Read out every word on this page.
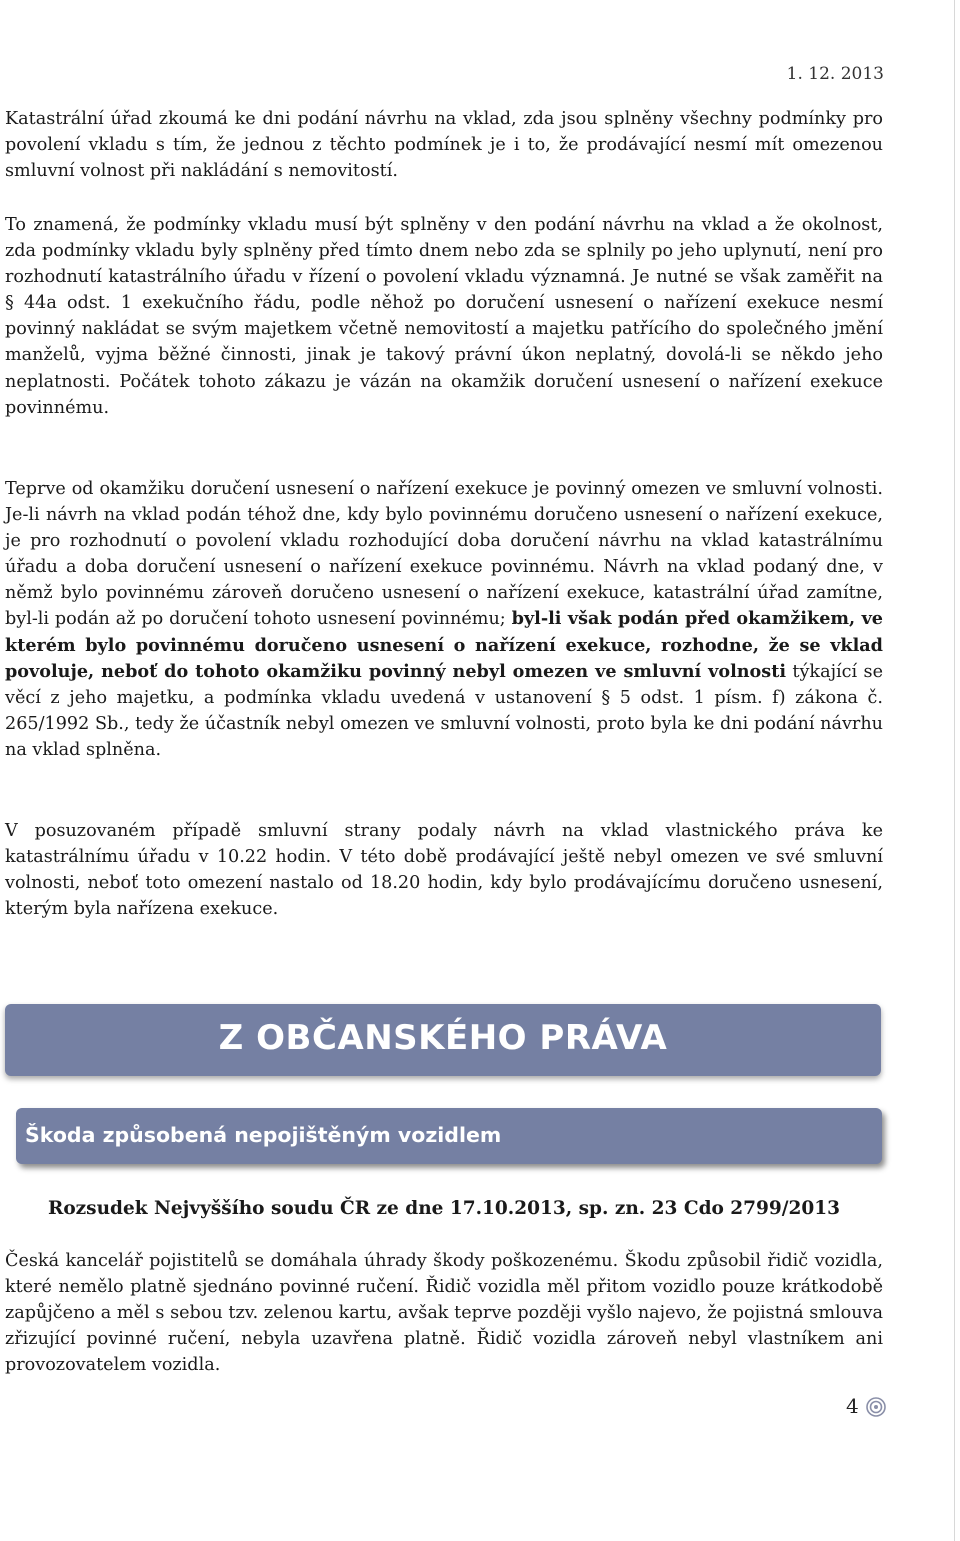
1. 12. 2013

Katastrální úřad zkoumá ke dni podání návrhu na vklad, zda jsou splněny všechny podmínky pro povolení vkladu s tím, že jednou z těchto podmínek je i to, že prodávající nesmí mít omezenou smluvní volnost při nakládání s nemovitostí.

To znamená, že podmínky vkladu musí být splněny v den podání návrhu na vklad a že okolnost, zda podmínky vkladu byly splněny před tímto dnem nebo zda se splnily po jeho uplynutí, není pro rozhodnutí katastrálního úřadu v řízení o povolení vkladu významná. Je nutné se však zaměřit na § 44a odst. 1 exekučního řádu, podle něhož po doručení usnesení o nařízení exekuce nesmí povinný nakládat se svým majetkem včetně nemovitostí a majetku patřícího do společného jmění manželů, vyjma běžné činnosti, jinak je takový právní úkon neplatný, dovolá-li se někdo jeho neplatnosti. Počátek tohoto zákazu je vázán na okamžik doručení usnesení o nařízení exekuce povinnému.

Teprve od okamžiku doručení usnesení o nařízení exekuce je povinný omezen ve smluvní volnosti. Je-li návrh na vklad podán téhož dne, kdy bylo povinnému doručeno usnesení o nařízení exekuce, je pro rozhodnutí o povolení vkladu rozhodující doba doručení návrhu na vklad katastrálnímu úřadu a doba doručení usnesení o nařízení exekuce povinnému. Návrh na vklad podaný dne, v němž bylo povinnému zároveň doručeno usnesení o nařízení exekuce, katastrální úřad zamítne, byl-li podán až po doručení tohoto usnesení povinnému; byl-li však podán před okamžikem, ve kterém bylo povinnému doručeno usnesení o nařízení exekuce, rozhodne, že se vklad povoluje, neboť do tohoto okamžiku povinný nebyl omezen ve smluvní volnosti týkající se věcí z jeho majetku, a podmínka vkladu uvedená v ustanovení § 5 odst. 1 písm. f) zákona č. 265/1992 Sb., tedy že účastník nebyl omezen ve smluvní volnosti, proto byla ke dni podání návrhu na vklad splněna.

V posuzovaném případě smluvní strany podaly návrh na vklad vlastnického práva ke katastrálnímu úřadu v 10.22 hodin. V této době prodávající ještě nebyl omezen ve své smluvní volnosti, neboť toto omezení nastalo od 18.20 hodin, kdy bylo prodávajícímu doručeno usnesení, kterým byla nařízena exekuce.

Z OBČANSKÉHO PRÁVA
Škoda způsobená nepojištěným vozidlem
Rozsudek Nejvyššího soudu ČR ze dne 17.10.2013, sp. zn. 23 Cdo 2799/2013

Česká kancelář pojistitelů se domáhala úhrady škody poškozenému. Škodu způsobil řidič vozidla, které nemělo platně sjednáno povinné ručení. Řidič vozidla měl přitom vozidlo pouze krátkodobě zapůjčeno a měl s sebou tzv. zelenou kartu, avšak teprve později vyšlo najevo, že pojistná smlouva zřizující povinné ručení, nebyla uzavřena platně. Řidič vozidla zároveň nebyl vlastníkem ani provozovatelem vozidla.

4
